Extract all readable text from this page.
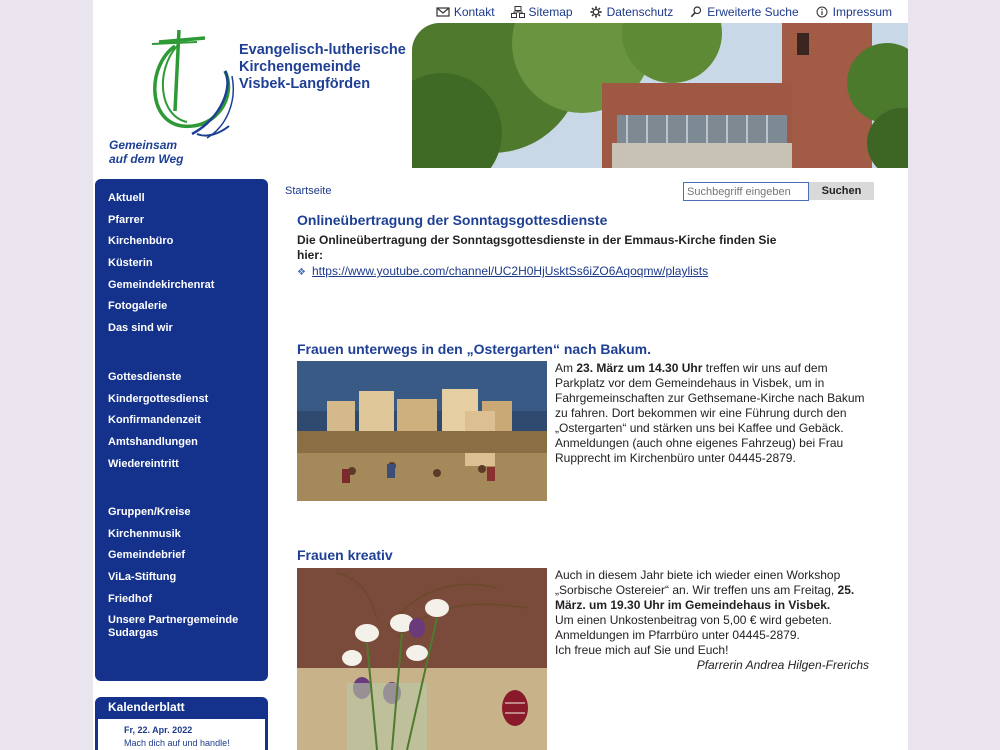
Kontakt	Sitemap	Datenschutz	Erweiterte Suche	Impressum
Evangelisch-lutherische
Kirchengemeinde
Visbek-Langförden
Gemeinsam
auf dem Weg
Aktuell
Pfarrer
Kirchenbüro
Küsterin
Gemeindekirchenrat
Fotogalerie
Das sind wir
Gottesdienste
Kindergottesdienst
Konfirmandenzeit
Amtshandlungen
Wiedereintritt
Gruppen/Kreise
Kirchenmusik
Gemeindebrief
ViLa-Stiftung
Friedhof
Unsere Partnergemeinde Sudargas
Kalenderblatt
Fr, 22. Apr. 2022
Mach dich auf und handle!
Startseite
Suchbegriff eingeben	Suchen
Onlineübertragung der Sonntagsgottesdienste
Die Onlineübertragung der Sonntagsgottesdienste in der Emmaus-Kirche finden Sie hier:
❖ https://www.youtube.com/channel/UC2H0HjUsktSs6iZO6Aqoqmw/playlists
Frauen unterwegs in den „Ostergarten“ nach Bakum.
Am 23. März um 14.30 Uhr treffen wir uns auf dem Parkplatz vor dem Gemeindehaus in Visbek, um in Fahrgemeinschaften zur Gethsemane-Kirche nach Bakum zu fahren. Dort bekommen wir eine Führung durch den „Ostergarten“ und stärken uns bei Kaffee und Gebäck. Anmeldungen (auch ohne eigenes Fahrzeug) bei Frau Rupprecht im Kirchenbüro unter 04445-2879.
Frauen kreativ
Auch in diesem Jahr biete ich wieder einen Workshop „Sorbische Ostereier“ an. Wir treffen uns am Freitag, 25. März. um 19.30 Uhr im Gemeindehaus in Visbek.
Um einen Unkostenbeitrag von 5,00 € wird gebeten.
Anmeldungen im Pfarrbüro unter 04445-2879.
Ich freue mich auf Sie und Euch!
Pfarrerin Andrea Hilgen-Frerichs
